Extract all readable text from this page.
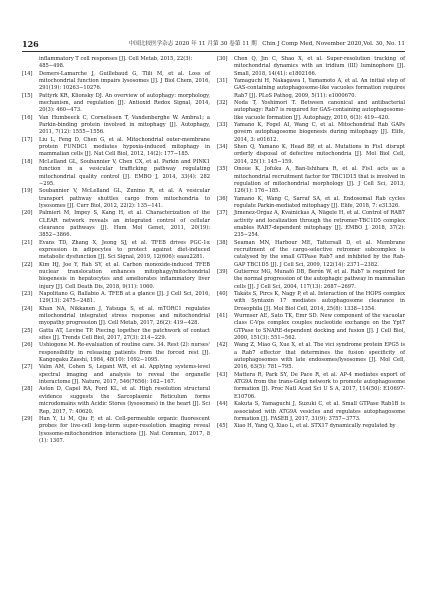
126	中国比较医学杂志 2020 年 11 月第 30 卷第 11 期　Chin J Comp Med, November 2020,Vol. 30, No. 11
inflammatory T cell responses [J]. Cell Metab, 2015, 22(3):
485−498.
[14]	Demers-Lamarche J, Guillebaud G, Tlili M, et al. Loss of mitochondrial function impairs lysosomes [J]. J Biol Chem, 2016, 291(19): 10263−10276.
[15]	Pattyrk KR, Klionsky DJ. An overview of autophagy: morphology, mechanism, and regulation [J]. Antioxid Redox Signal, 2014, 20(3): 460−473.
[16]	Van Humbeeck C, Cornelissen T, Vandenberghe W. Ambra1; a Parkin-binding protein involved in mitophagy [J]. Autophagy, 2011, 7(12): 1555−1556.
[17]	Liu L, Feng D, Chen G, et al. Mitochondrial outer-membrane protein FUNDC1 mediates hypoxia-induced mitophagy in mammalian cells [J]. Nat Cell Biol, 2012, 14(2): 177−185.
[18]	McLelland GL, Soubannier V, Chen CX, et al. Parkin and PINK1 function in a vesicular trafficking pathway regulating mitochondrial quality control [J]. EMBO J, 2014, 33(4): 282 −295.
[19]	Soubannier V, McLelland GL, Zunino R, et al. A vesicular transport pathway shuttles cargo from mitochondria to lysosomes [J]. Curr Biol, 2012, 22(2): 135−141.
[20]	Palmieri M, Impey S, Kang H, et al. Characterization of the CLEAR network reveals an integrated control of cellular clearance pathways [J]. Hum Mol Genet, 2011, 20(19): 3852−3866.
[21]	Evans TD, Zhang X, Jeong SJ, et al. TFEB drives PGC-1α expression in adipocytes to protect against diet-induced metabolic dysfunction [J]. Sci Signal, 2019, 12(606): eaau2281.
[22]	Kim HJ, Joe Y, Rah SY, et al. Carbon monoxide-induced TFEB nuclear translocation enhances mitophagy/mitochondrial biogenesis in hepatocytes and ameliorates inflammatory liver injury [J]. Cell Death Dis, 2018, 9(11): 1060.
[23]	Napolitano G, Ballabio A. TFEB at a glance [J]. J Cell Sci, 2016, 129(13): 2475−2481.
[24]	Khan NA, Nikkanen J, Yatsuga S, et al. mTORC1 regulates mitochondrial integrated stress response and mitochondrial myopathy progression [J]. Cell Metab, 2017, 26(2): 419−428.
[25]	Gatta AT, Levine TP. Piecing together the patchwork of contact sites [J]. Trends Cell Biol, 2017, 27(3): 214−229.
[26]	Ushiogone M. Re-evaluation of routine care. 34. Rest (2): nurses' responsibility in releasing patients from the forced rest [J]. Kangogaku Zasshi, 1984, 48(10): 1092−1095.
[27]	Valm AM, Cohen S, Legant WR, et al. Applying systems-level spectral imaging and analysis to reveal the organelle interactome [J]. Nature, 2017, 546(7656): 162−167.
[28]	Aston D, Capel RA, Ford KL, et al. High resolution structural evidence suggests the Sarcoplasmic Reticulum forms microdomains with Acidic Stores (lysosomes) in the heart [J]. Sci Rep, 2017, 7: 40620.
[29]	Han Y, Li M, Qiu F, et al. Cell-permeable organic fluorescent probes for live-cell long-term super-resolution imaging reveal lysosome-mitochondrion interactions [J]. Nat Commun, 2017, 8 (1): 1307.
[30]	Chen Q, Jin C, Shao X, et al. Super-resolution tracking of mitochondrial dynamics with an iridium (III) luminophore [J]. Small, 2018, 14(41): e1802166.
[31]	Yamaguchi H, Nakagawa I, Yamamoto A, et al. An initial step of GAS-containing autophagosome-like vacuoles formation requires Rab7 [J]. PLoS Pathog, 2009, 5(11): e1000670.
[32]	Noda T, Yoshimori T. Between canonical and antibacterial autophagy: Rab7 is required for GAS-containing autophagosome- like vacuole formation [J]. Autophagy, 2010, 6(3): 419−420.
[33]	Yamano K, Fogel AI, Wang C, et al. Mitochondrial Rab GAPs govern autophagosome biogenesis during mitophagy [J]. Elife, 2014, 3: e01612.
[34]	Shen Q, Yamano K, Head BP, et al. Mutations in Fis1 disrupt orderly disposal of defective mitochondria [J]. Mol Biol Cell, 2014, 25(1): 145−159.
[35]	Onoue K, Jofuku A, Ban-Ishihara R, et al. Fis1 acts as a mitochondrial recruitment factor for TBC1D15 that is involved in regulation of mitochondrial morphology [J]. J Cell Sci, 2013, 126(1): 176−185.
[36]	Yamano K, Wang C, Sarraf SA, et al. Endosomal Rab cycles regulate Parkin-mediated mitophagy [J]. Elife, 2018, 7: e31326.
[37]	Jimenez-Orgaz A, Kvainickas A, Nägele H, et al. Control of RAB7 activity and localization through the retromer-TBC1D5 complex enables RAB7-dependent mitophagy [J]. EMBO J, 2018, 37(2): 235−254.
[38]	Seaman MN, Harbour ME, Tattersall D, et al. Membrane recruitment of the cargo-selective retromer subcomplex is catalysed by the small GTPase Rab7 and inhibited by the Rab- GAP TBC1D5 [J]. J Cell Sci, 2009, 122(14): 2371−2382.
[39]	Gutierrez MG, Munafó DB, Berón W, et al. Rab7 is required for the normal progression of the autophagic pathway in mammalian cells [J]. J Cell Sci, 2004, 117(13): 2687−2697.
[40]	Takáts S, Pircs K, Nagy P, et al. Interaction of the HOPS complex with Syntaxin 17 mediates autophagosome clearance in Drosophila [J]. Mol Biol Cell, 2014, 25(8): 1338−1354.
[41]	Wurmser AE, Sato TK, Emr SD. New component of the vacuolar class C-Vps complex couples nucleotide exchange on the Ypt7 GTPase to SNARE-dependent docking and fusion [J]. J Cell Biol, 2000, 151(3): 551−562.
[42]	Wang Z, Miao G, Xue X, et al. The vici syndrome protein EPG5 is a Rab7 effector that determines the fusion specificity of autophagosomes with late endosomes/lysosomes [J]. Mol Cell, 2016, 63(5): 781−795.
[43]	Mattera R, Park SY, De Pace R, et al. AP-4 mediates export of ATG9A from the trans-Golgi network to promote autophagosome formation [J]. Proc Natl Acad Sci U S A, 2017, 114(50): E10697-E10706.
[44]	Kakuta S, Yamaguchi J, Suzuki C, et al. Small GTPase Rab1B is associated with ATG9A vesicles and regulates autophagosome formation [J]. FASEB J, 2017, 31(9): 3757−3773.
[45]	Xiao H, Yang Q, Xiao L, et al. STX17 dynamically regulated by
